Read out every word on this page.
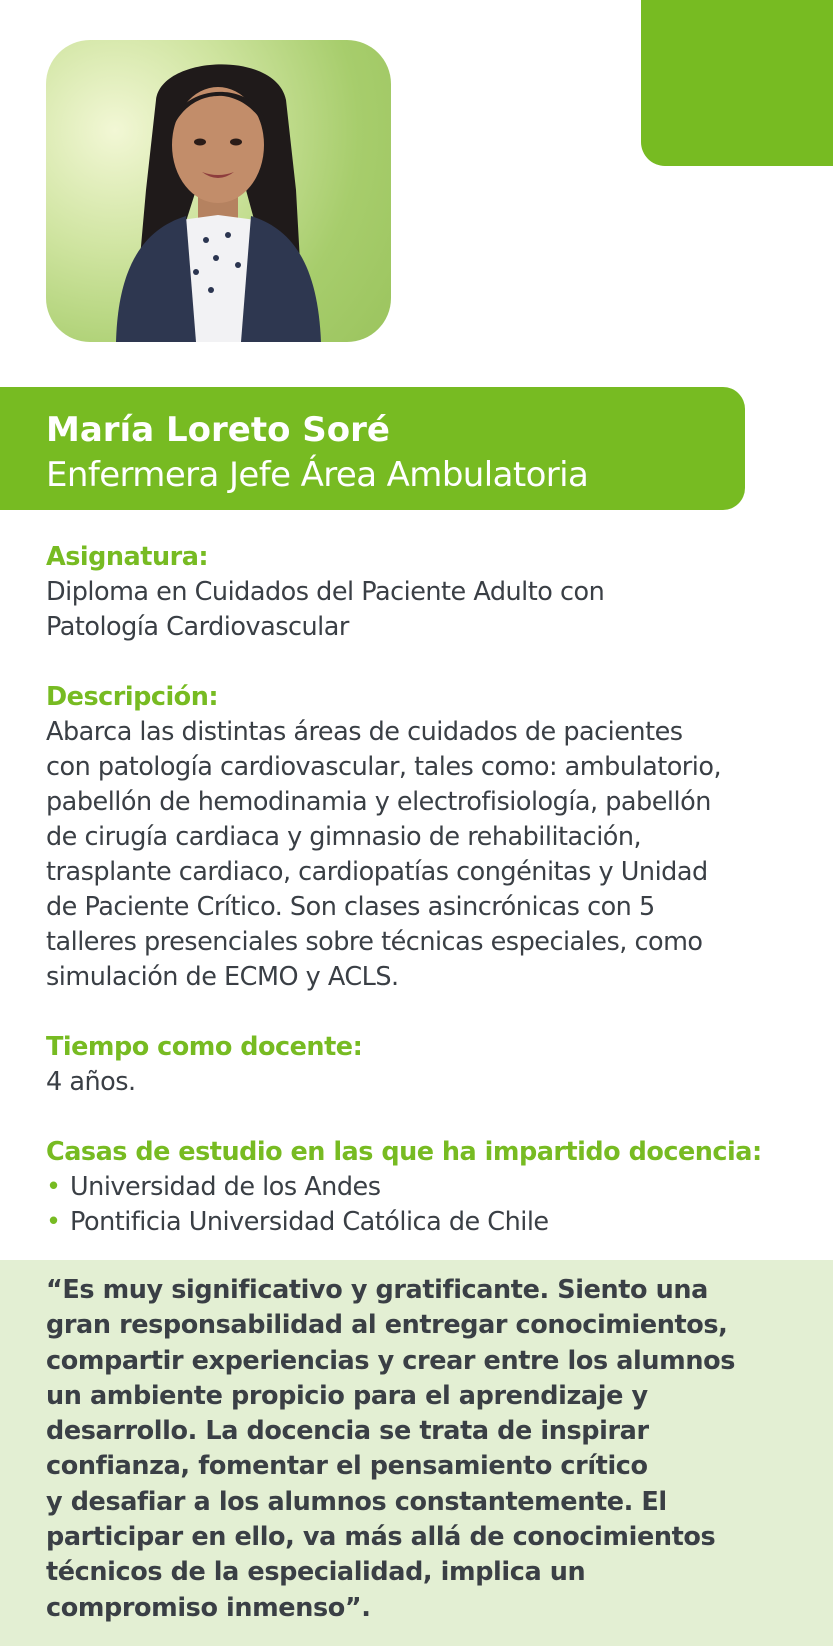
María Loreto Soré

Enfermera Jefe Área Ambulatoria

Asignatura:

Diploma en Cuidados del Paciente Adulto con
Patología Cardiovascular

Descripción:

Abarca las distintas áreas de cuidados de pacientes
con patología cardiovascular, tales como: ambulatorio,
pabellón de hemodinamia y electrofisiología, pabellón
de cirugía cardiaca y gimnasio de rehabilitación,
trasplante cardiaco, cardiopatías congénitas y Unidad
de Paciente Crítico. Son clases asincrónicas con 5
talleres presenciales sobre técnicas especiales, como
simulación de ECMO y ACLS.

Tiempo como docente:

4 años.

Casas de estudio en las que ha impartido docencia:

• Universidad de los Andes
• Pontificia Universidad Católica de Chile

“Es muy significativo y gratificante. Siento una
gran responsabilidad al entregar conocimientos,
compartir experiencias y crear entre los alumnos
un ambiente propicio para el aprendizaje y
desarrollo. La docencia se trata de inspirar
confianza, fomentar el pensamiento crítico
y desafiar a los alumnos constantemente. El
participar en ello, va más allá de conocimientos
técnicos de la especialidad, implica un
compromiso inmenso”.
